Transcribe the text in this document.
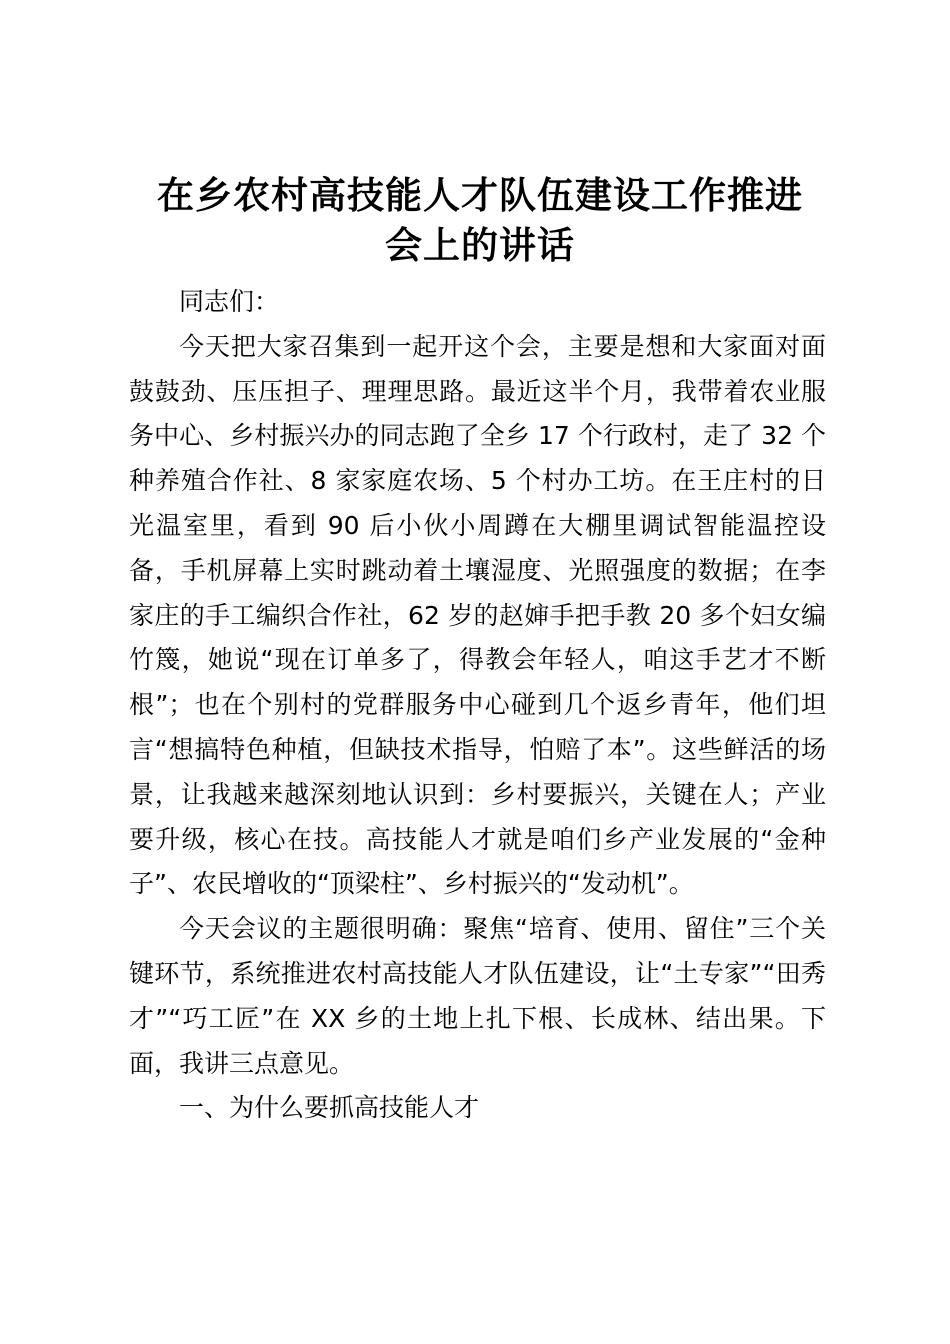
在乡农村高技能人才队伍建设工作推进
会上的讲话

同志们：

今天把大家召集到一起开这个会，主要是想和大家面对面鼓鼓劲、压压担子、理理思路。最近这半个月，我带着农业服务中心、乡村振兴办的同志跑了全乡 17 个行政村，走了 32 个种养殖合作社、8 家家庭农场、5 个村办工坊。在王庄村的日光温室里，看到 90 后小伙小周蹲在大棚里调试智能温控设备，手机屏幕上实时跳动着土壤湿度、光照强度的数据；在李家庄的手工编织合作社，62 岁的赵婶手把手教 20 多个妇女编竹篾，她说“现在订单多了，得教会年轻人，咱这手艺才不断根”；也在个别村的党群服务中心碰到几个返乡青年，他们坦言“想搞特色种植，但缺技术指导，怕赔了本”。这些鲜活的场景，让我越来越深刻地认识到：乡村要振兴，关键在人；产业要升级，核心在技。高技能人才就是咱们乡产业发展的“金种子”、农民增收的“顶梁柱”、乡村振兴的“发动机”。

今天会议的主题很明确：聚焦“培育、使用、留住”三个关键环节，系统推进农村高技能人才队伍建设，让“土专家”“田秀才”“巧工匠”在 XX 乡的土地上扎下根、长成林、结出果。下面，我讲三点意见。

一、为什么要抓高技能人才
